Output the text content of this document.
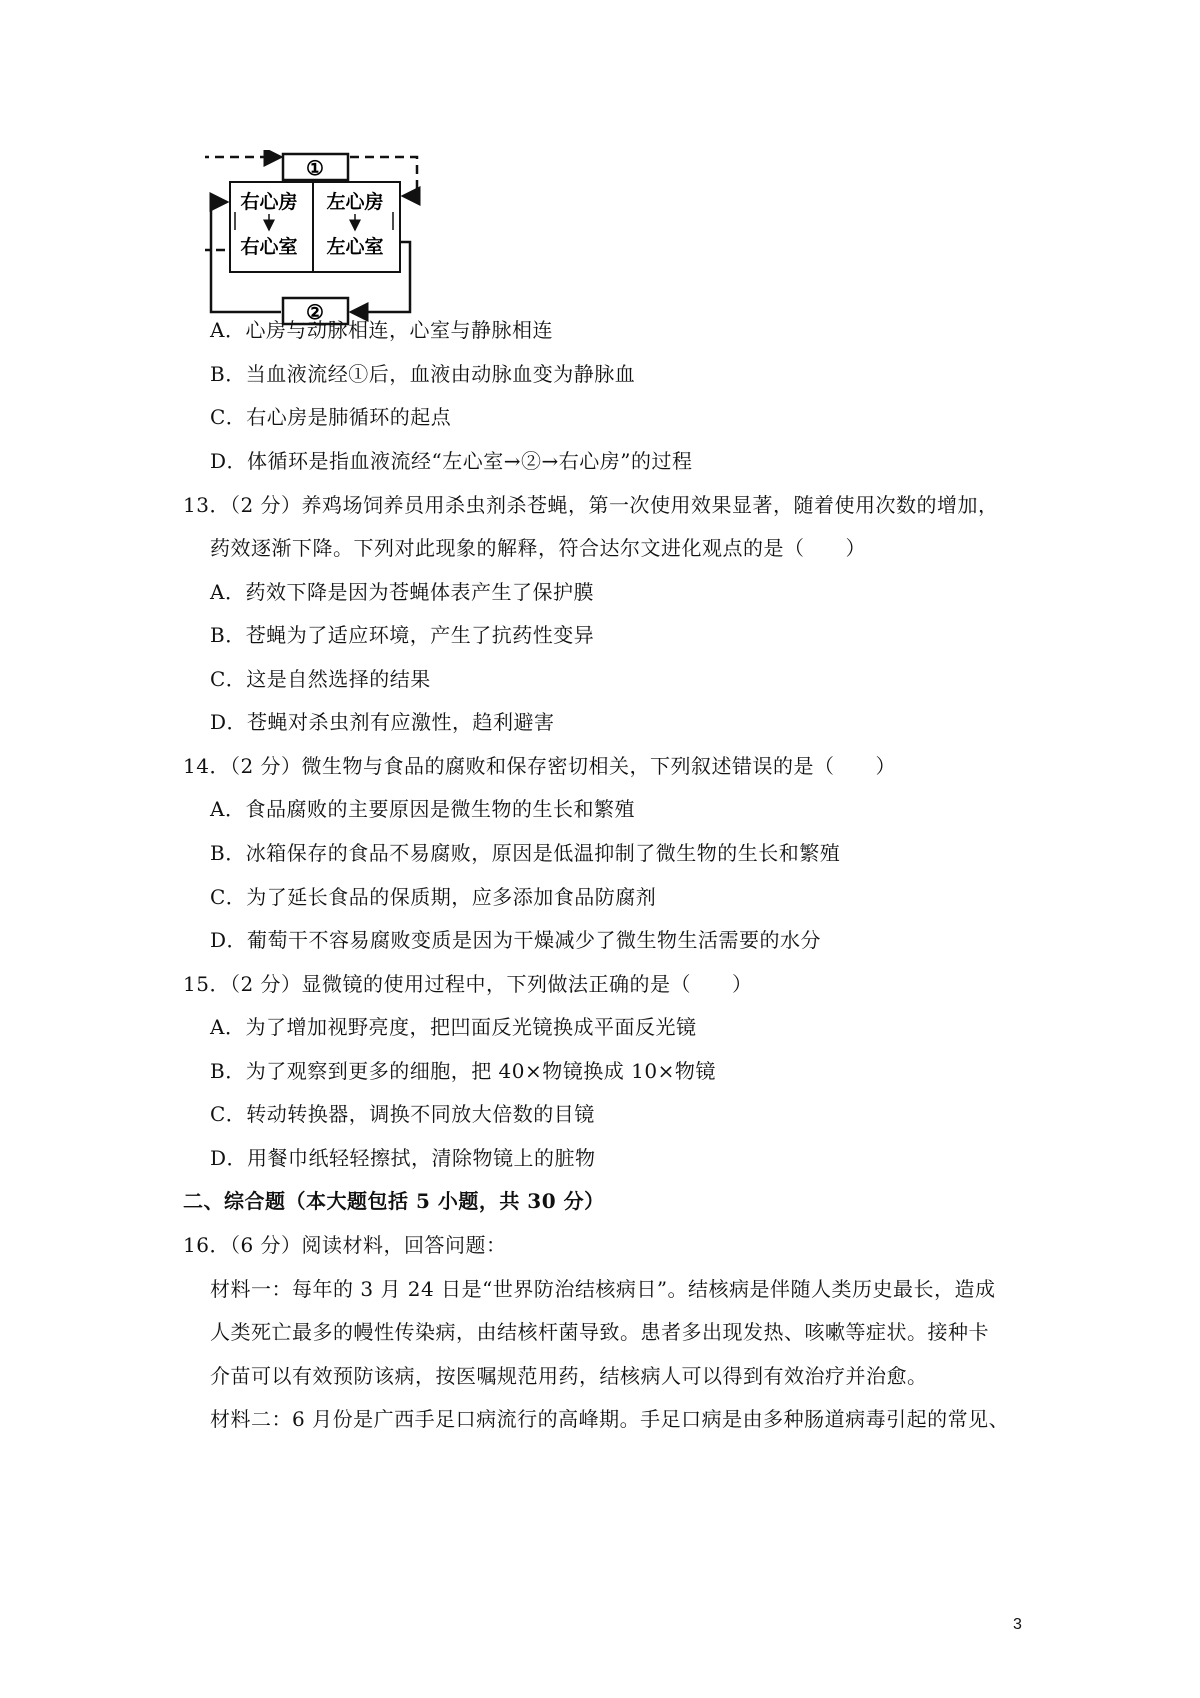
①
②
右心房 左心房
右心室 左心室
A．心房与动脉相连，心室与静脉相连
B．当血液流经①后，血液由动脉血变为静脉血
C．右心房是肺循环的起点
D．体循环是指血液流经“左心室→②→右心房”的过程
13．（2 分）养鸡场饲养员用杀虫剂杀苍蝇，第一次使用效果显著，随着使用次数的增加，
药效逐渐下降。下列对此现象的解释，符合达尔文进化观点的是（　　）
A．药效下降是因为苍蝇体表产生了保护膜
B．苍蝇为了适应环境，产生了抗药性变异
C．这是自然选择的结果
D．苍蝇对杀虫剂有应激性，趋利避害
14．（2 分）微生物与食品的腐败和保存密切相关，下列叙述错误的是（　　）
A．食品腐败的主要原因是微生物的生长和繁殖
B．冰箱保存的食品不易腐败，原因是低温抑制了微生物的生长和繁殖
C．为了延长食品的保质期，应多添加食品防腐剂
D．葡萄干不容易腐败变质是因为干燥减少了微生物生活需要的水分
15．（2 分）显微镜的使用过程中，下列做法正确的是（　　）
A．为了增加视野亮度，把凹面反光镜换成平面反光镜
B．为了观察到更多的细胞，把 40×物镜换成 10×物镜
C．转动转换器，调换不同放大倍数的目镜
D．用餐巾纸轻轻擦拭，清除物镜上的脏物
二、综合题（本大题包括 5 小题，共 30 分）
16．（6 分）阅读材料，回答问题：
材料一：每年的 3 月 24 日是“世界防治结核病日”。结核病是伴随人类历史最长，造成
人类死亡最多的幔性传染病，由结核杆菌导致。患者多出现发热、咳嗽等症状。接种卡
介苗可以有效预防该病，按医嘱规范用药，结核病人可以得到有效治疗并治愈。
材料二：6 月份是广西手足口病流行的高峰期。手足口病是由多种肠道病毒引起的常见、
3
